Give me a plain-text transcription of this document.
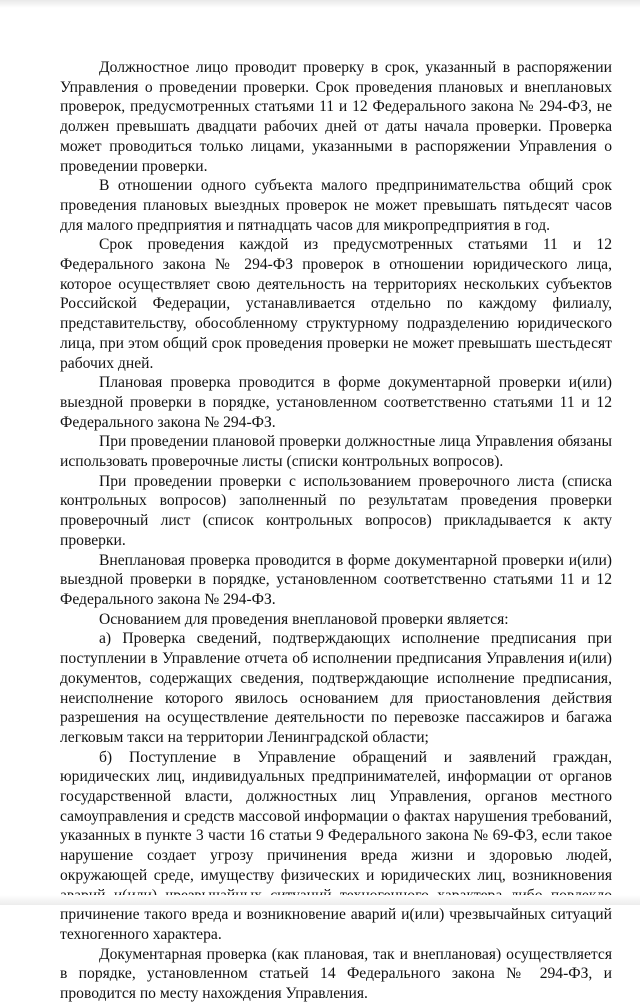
Должностное лицо проводит проверку в срок, указанный в распоряжении Управления о проведении проверки. Срок проведения плановых и внеплановых проверок, предусмотренных статьями 11 и 12 Федерального закона № 294-ФЗ, не должен превышать двадцати рабочих дней от даты начала проверки. Проверка может проводиться только лицами, указанными в распоряжении Управления о проведении проверки.

В отношении одного субъекта малого предпринимательства общий срок проведения плановых выездных проверок не может превышать пятьдесят часов для малого предприятия и пятнадцать часов для микропредприятия в год.

Срок проведения каждой из предусмотренных статьями 11 и 12 Федерального закона № 294-ФЗ проверок в отношении юридического лица, которое осуществляет свою деятельность на территориях нескольких субъектов Российской Федерации, устанавливается отдельно по каждому филиалу, представительству, обособленному структурному подразделению юридического лица, при этом общий срок проведения проверки не может превышать шестьдесят рабочих дней.

Плановая проверка проводится в форме документарной проверки и(или) выездной проверки в порядке, установленном соответственно статьями 11 и 12 Федерального закона № 294-ФЗ.

При проведении плановой проверки должностные лица Управления обязаны использовать проверочные листы (списки контрольных вопросов).

При проведении проверки с использованием проверочного листа (списка контрольных вопросов) заполненный по результатам проведения проверки проверочный лист (список контрольных вопросов) прикладывается к акту проверки.

Внеплановая проверка проводится в форме документарной проверки и(или) выездной проверки в порядке, установленном соответственно статьями 11 и 12 Федерального закона № 294-ФЗ.

Основанием для проведения внеплановой проверки является:

а) Проверка сведений, подтверждающих исполнение предписания при поступлении в Управление отчета об исполнении предписания Управления и(или) документов, содержащих сведения, подтверждающие исполнение предписания, неисполнение которого явилось основанием для приостановления действия разрешения на осуществление деятельности по перевозке пассажиров и багажа легковым такси на территории Ленинградской области;

б) Поступление в Управление обращений и заявлений граждан, юридических лиц, индивидуальных предпринимателей, информации от органов государственной власти, должностных лиц Управления, органов местного самоуправления и средств массовой информации о фактах нарушения требований, указанных в пункте 3 части 16 статьи 9 Федерального закона № 69-ФЗ, если такое нарушение создает угрозу причинения вреда жизни и здоровью людей, окружающей среде, имуществу физических и юридических лиц, возникновения причинение такого вреда и возникновение аварий и(или) чрезвычайных ситуаций техногенного характера.

Документарная проверка (как плановая, так и внеплановая) осуществляется в порядке, установленном статьей 14 Федерального закона № 294-ФЗ, и проводится по месту нахождения Управления.
